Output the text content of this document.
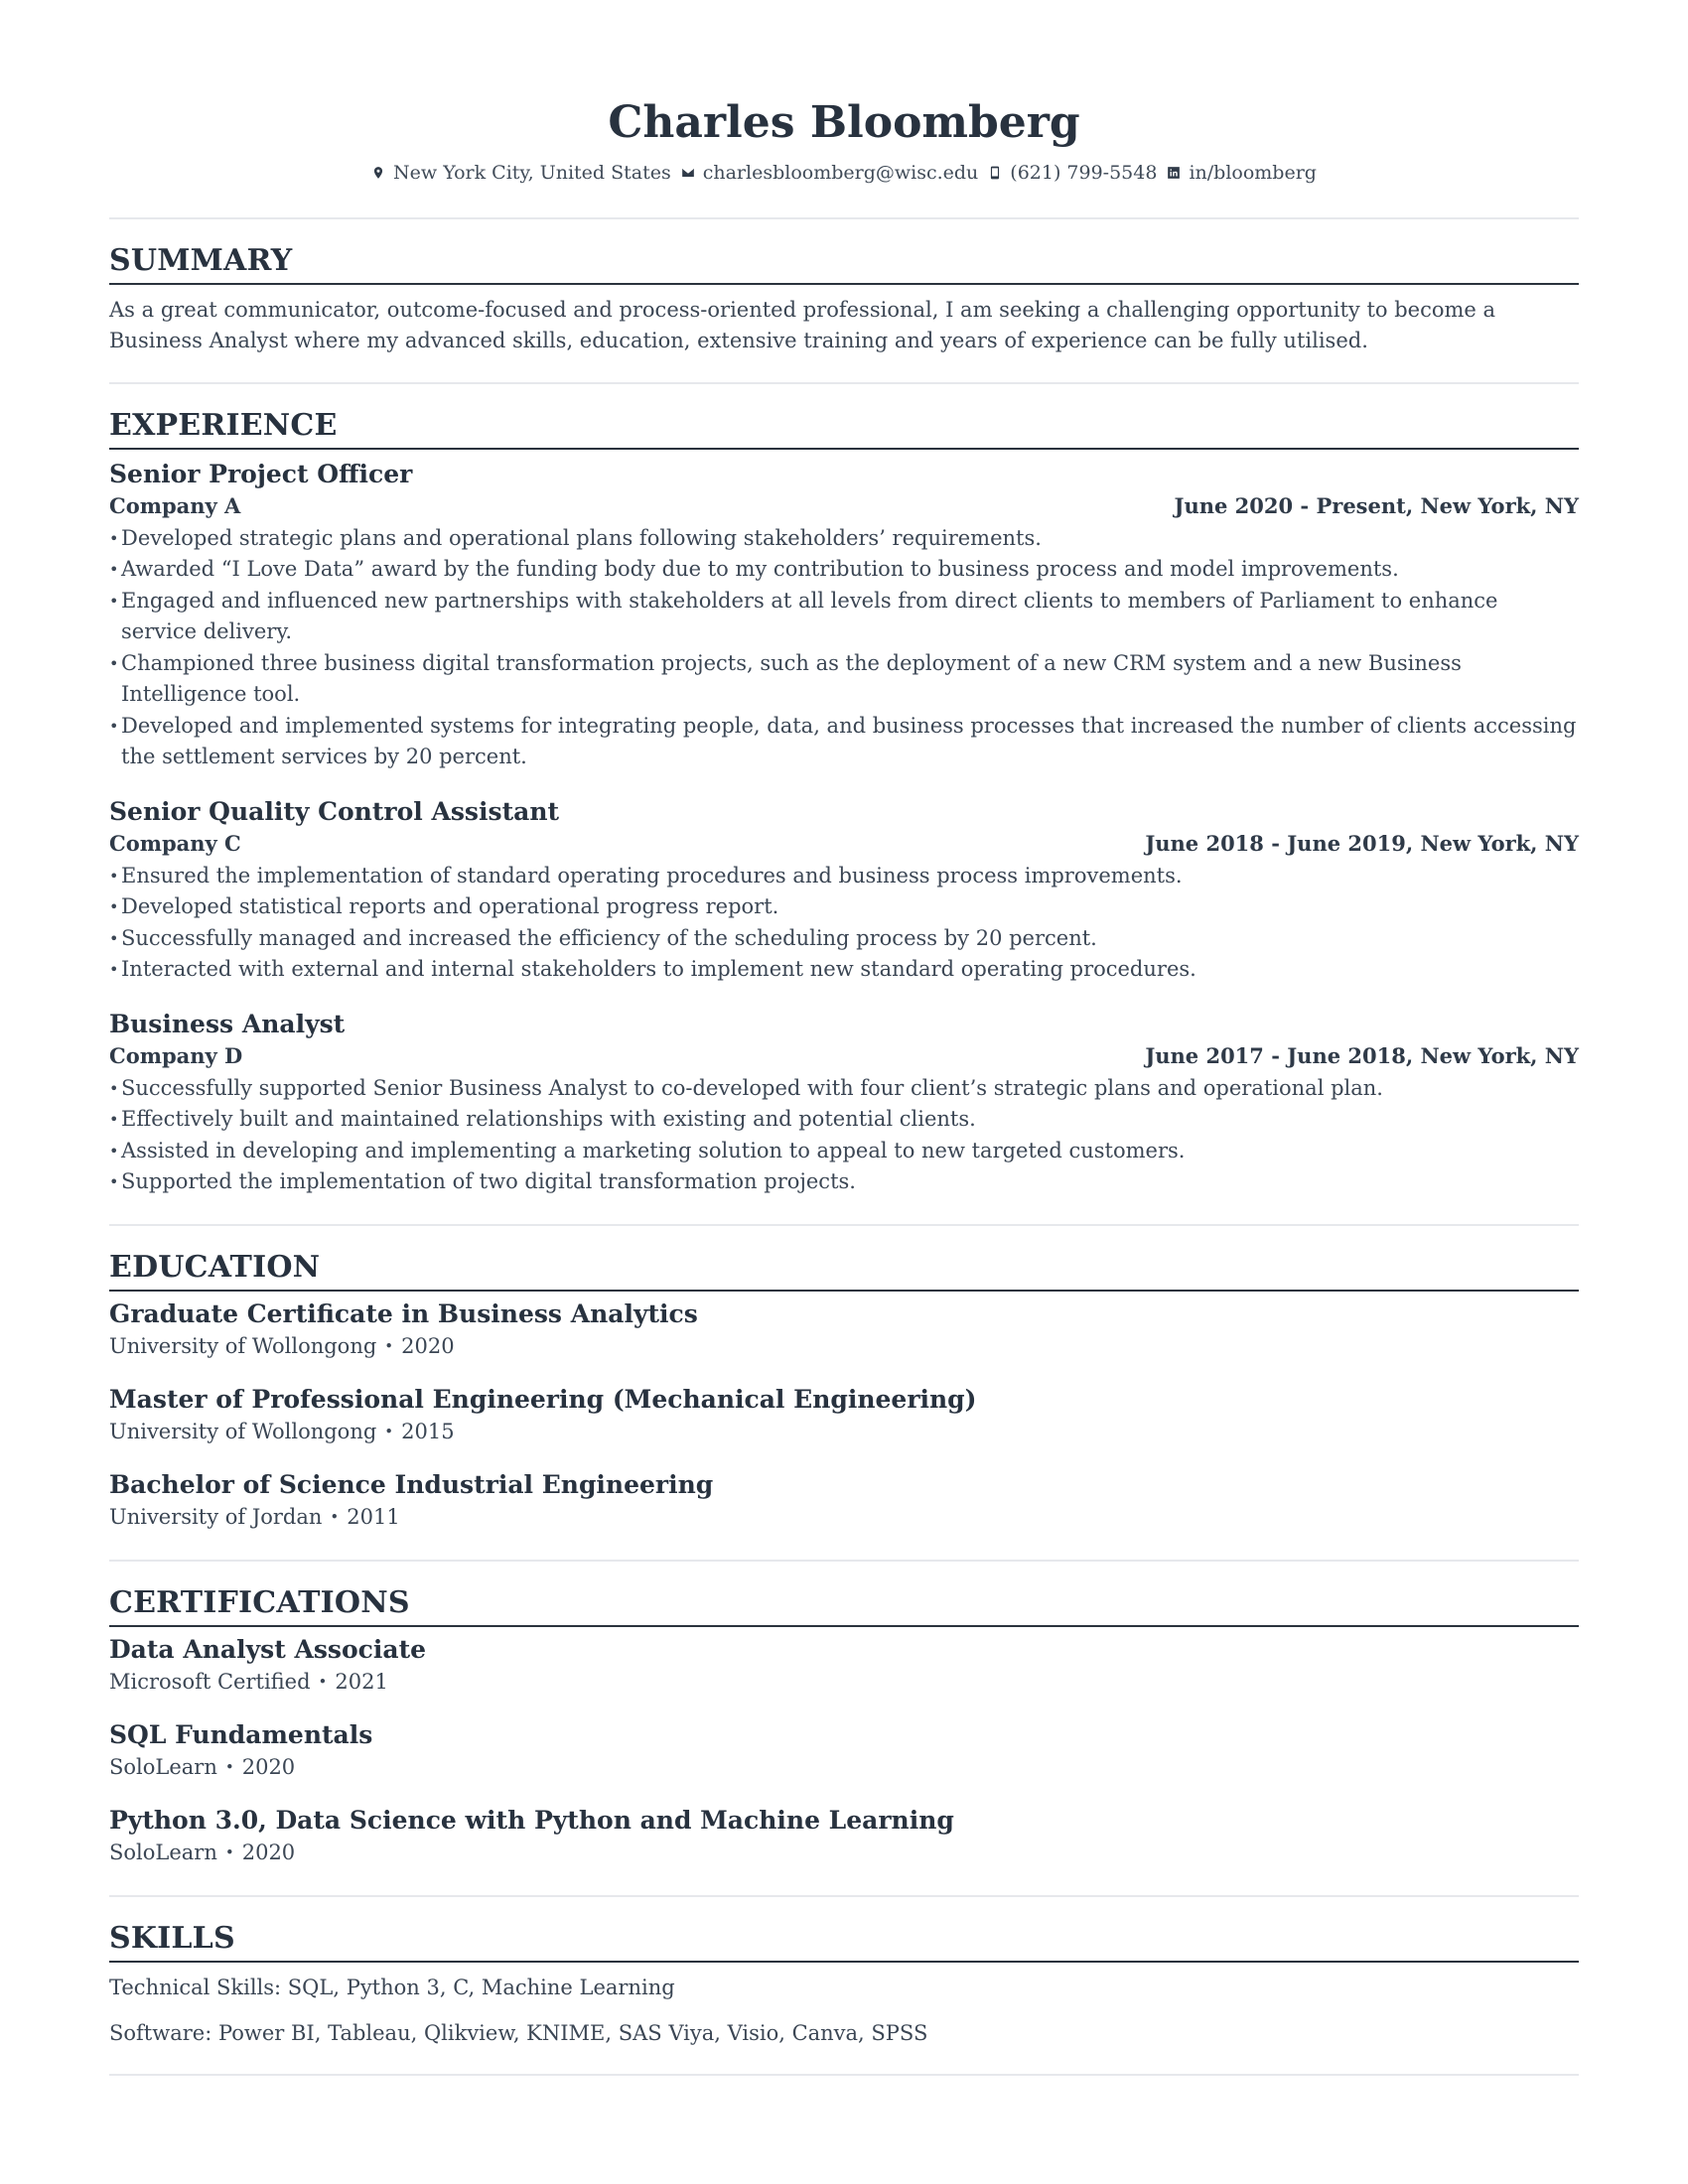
Charles Bloomberg
New York City, United States charlesbloomberg@wisc.edu (621) 799-5548 in/bloomberg
SUMMARY
As a great communicator, outcome-focused and process-oriented professional, I am seeking a challenging opportunity to become a Business Analyst where my advanced skills, education, extensive training and years of experience can be fully utilised.
EXPERIENCE
Senior Project Officer
Company A	June 2020 - Present, New York, NY
• Developed strategic plans and operational plans following stakeholders’ requirements.
• Awarded “I Love Data” award by the funding body due to my contribution to business process and model improvements.
• Engaged and influenced new partnerships with stakeholders at all levels from direct clients to members of Parliament to enhance service delivery.
• Championed three business digital transformation projects, such as the deployment of a new CRM system and a new Business Intelligence tool.
• Developed and implemented systems for integrating people, data, and business processes that increased the number of clients accessing the settlement services by 20 percent.
Senior Quality Control Assistant
Company C	June 2018 - June 2019, New York, NY
• Ensured the implementation of standard operating procedures and business process improvements.
• Developed statistical reports and operational progress report.
• Successfully managed and increased the efficiency of the scheduling process by 20 percent.
• Interacted with external and internal stakeholders to implement new standard operating procedures.
Business Analyst
Company D	June 2017 - June 2018, New York, NY
• Successfully supported Senior Business Analyst to co-developed with four client’s strategic plans and operational plan.
• Effectively built and maintained relationships with existing and potential clients.
• Assisted in developing and implementing a marketing solution to appeal to new targeted customers.
• Supported the implementation of two digital transformation projects.
EDUCATION
Graduate Certificate in Business Analytics
University of Wollongong • 2020
Master of Professional Engineering (Mechanical Engineering)
University of Wollongong • 2015
Bachelor of Science Industrial Engineering
University of Jordan • 2011
CERTIFICATIONS
Data Analyst Associate
Microsoft Certified • 2021
SQL Fundamentals
SoloLearn • 2020
Python 3.0, Data Science with Python and Machine Learning
SoloLearn • 2020
SKILLS
Technical Skills: SQL, Python 3, C, Machine Learning
Software: Power BI, Tableau, Qlikview, KNIME, SAS Viya, Visio, Canva, SPSS
